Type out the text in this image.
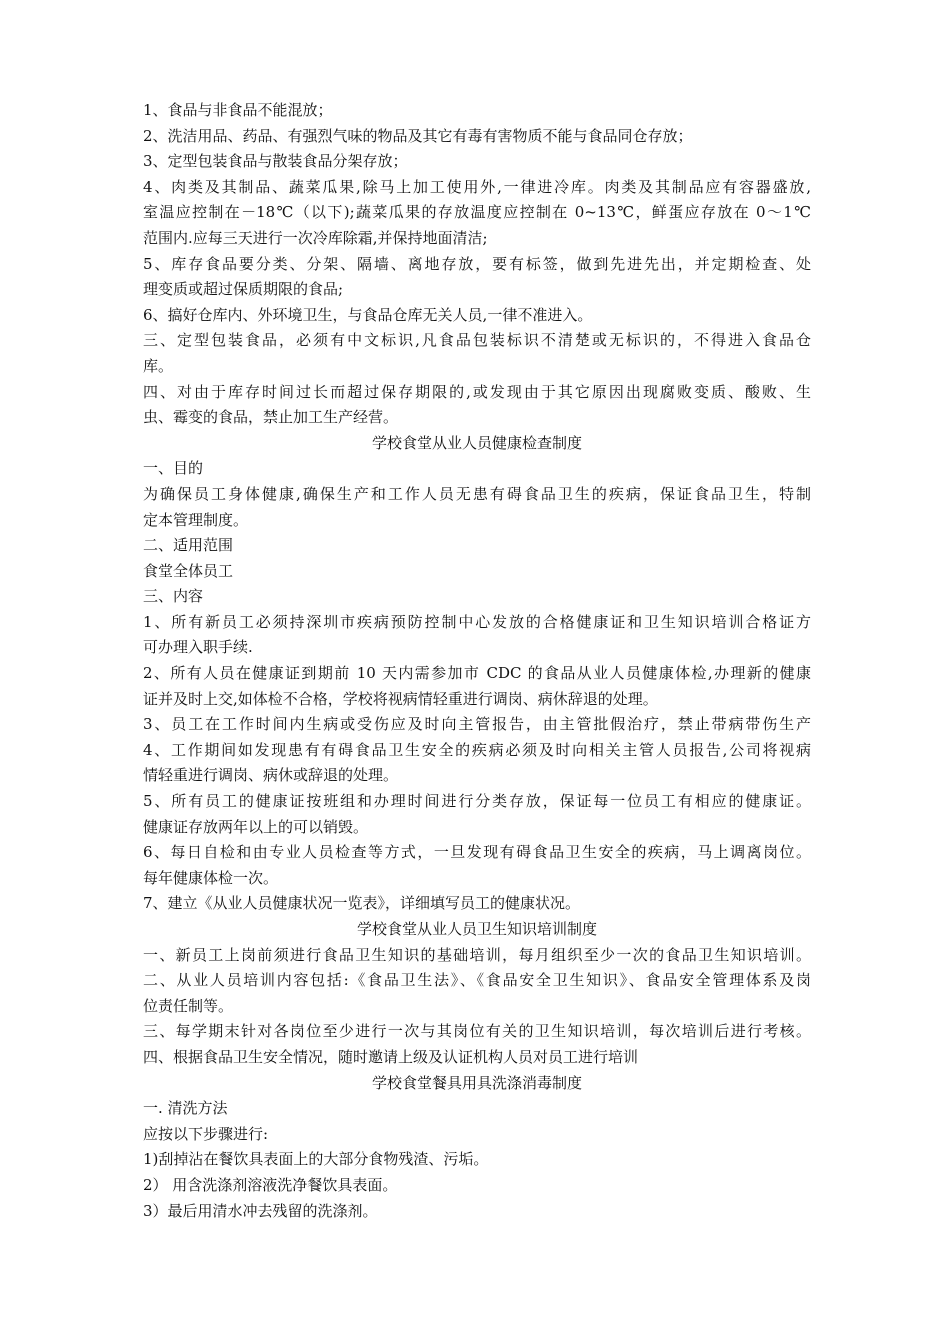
1、食品与非食品不能混放；
2、洗洁用品、药品、有强烈气味的物品及其它有毒有害物质不能与食品同仓存放；
3、定型包装食品与散装食品分架存放；
4、肉类及其制品、蔬菜瓜果,除马上加工使用外,一律进冷库。肉类及其制品应有容器盛放,
室温应控制在－18℃（以下);蔬菜瓜果的存放温度应控制在 0~13℃，鲜蛋应存放在 0～1℃
范围内.应每三天进行一次冷库除霜,并保持地面清洁;
5、库存食品要分类、分架、隔墙、离地存放，要有标签，做到先进先出，并定期检查、处
理变质或超过保质期限的食品;
6、搞好仓库内、外环境卫生，与食品仓库无关人员,一律不准进入。
三、定型包装食品，必须有中文标识,凡食品包装标识不清楚或无标识的，不得进入食品仓
库。
四、对由于库存时间过长而超过保存期限的,或发现由于其它原因出现腐败变质、酸败、生
虫、霉变的食品，禁止加工生产经营。
学校食堂从业人员健康检查制度
一、目的
为确保员工身体健康,确保生产和工作人员无患有碍食品卫生的疾病，保证食品卫生，特制
定本管理制度。
二、适用范围
食堂全体员工
三、内容
1、所有新员工必须持深圳市疾病预防控制中心发放的合格健康证和卫生知识培训合格证方
可办理入职手续.
2、所有人员在健康证到期前 10 天内需参加市 CDC 的食品从业人员健康体检,办理新的健康
证并及时上交,如体检不合格，学校将视病情轻重进行调岗、病休辞退的处理。
3、员工在工作时间内生病或受伤应及时向主管报告，由主管批假治疗，禁止带病带伤生产
4、工作期间如发现患有有碍食品卫生安全的疾病必须及时向相关主管人员报告,公司将视病
情轻重进行调岗、病休或辞退的处理。
5、所有员工的健康证按班组和办理时间进行分类存放，保证每一位员工有相应的健康证。
健康证存放两年以上的可以销毁。
6、每日自检和由专业人员检查等方式，一旦发现有碍食品卫生安全的疾病，马上调离岗位。
每年健康体检一次。
7、建立《从业人员健康状况一览表》，详细填写员工的健康状况。
学校食堂从业人员卫生知识培训制度
一、新员工上岗前须进行食品卫生知识的基础培训，每月组织至少一次的食品卫生知识培训。
二、从业人员培训内容包括:《食品卫生法》、《食品安全卫生知识》、食品安全管理体系及岗
位责任制等。
三、每学期末针对各岗位至少进行一次与其岗位有关的卫生知识培训，每次培训后进行考核。
四、根据食品卫生安全情况，随时邀请上级及认证机构人员对员工进行培训
学校食堂餐具用具洗涤消毒制度
一. 清洗方法
应按以下步骤进行:
1)刮掉沾在餐饮具表面上的大部分食物残渣、污垢。
2） 用含洗涤剂溶液洗净餐饮具表面。
3）最后用清水冲去残留的洗涤剂。
